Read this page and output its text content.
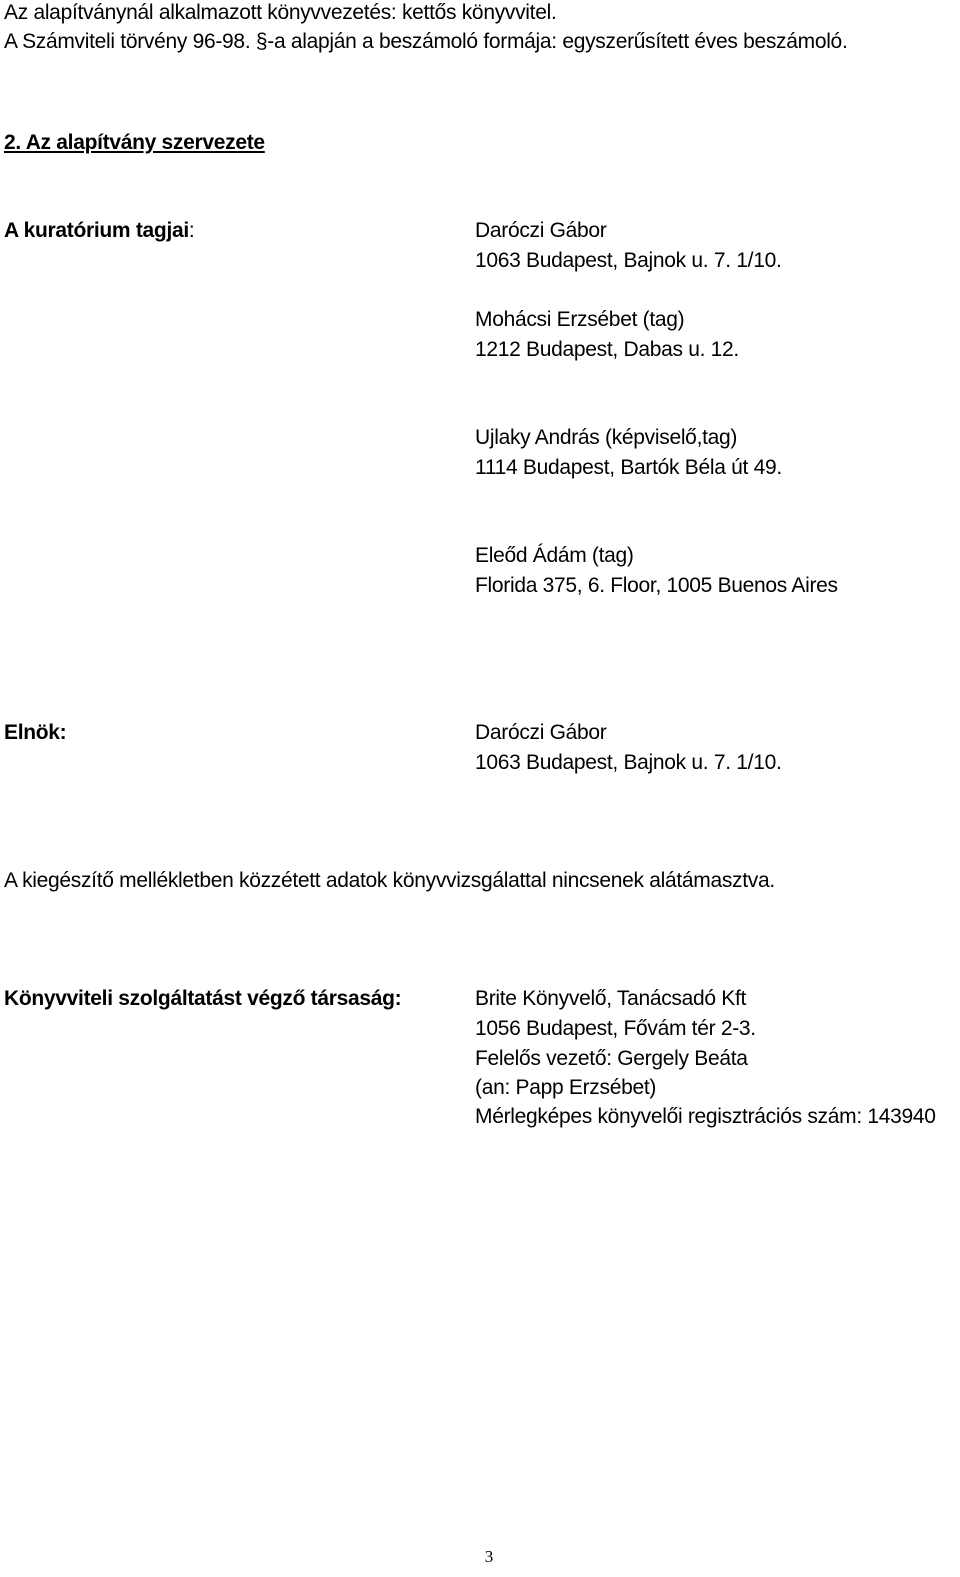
Az alapítványnál alkalmazott könyvvezetés: kettős könyvvitel.
A Számviteli törvény 96-98. §-a alapján a beszámoló formája: egyszerűsített éves beszámoló.
2. Az alapítvány szervezete
A kuratórium tagjai:	Daróczi Gábor
1063 Budapest, Bajnok u. 7. 1/10.
Mohácsi Erzsébet (tag)
1212 Budapest, Dabas u. 12.
Ujlaky András (képviselő,tag)
1114 Budapest, Bartók Béla út 49.
Eleőd Ádám (tag)
Florida 375, 6. Floor, 1005 Buenos Aires
Elnök:	Daróczi Gábor
1063 Budapest, Bajnok u. 7. 1/10.
A kiegészítő mellékletben közzétett adatok könyvvizsgálattal nincsenek alátámasztva.
Könyvviteli szolgáltatást végző társaság:	Brite Könyvelő, Tanácsadó Kft
1056 Budapest, Fővám tér 2-3.
Felelős vezető: Gergely Beáta
(an: Papp Erzsébet)
Mérlegképes könyvelői regisztrációs szám: 143940
3
